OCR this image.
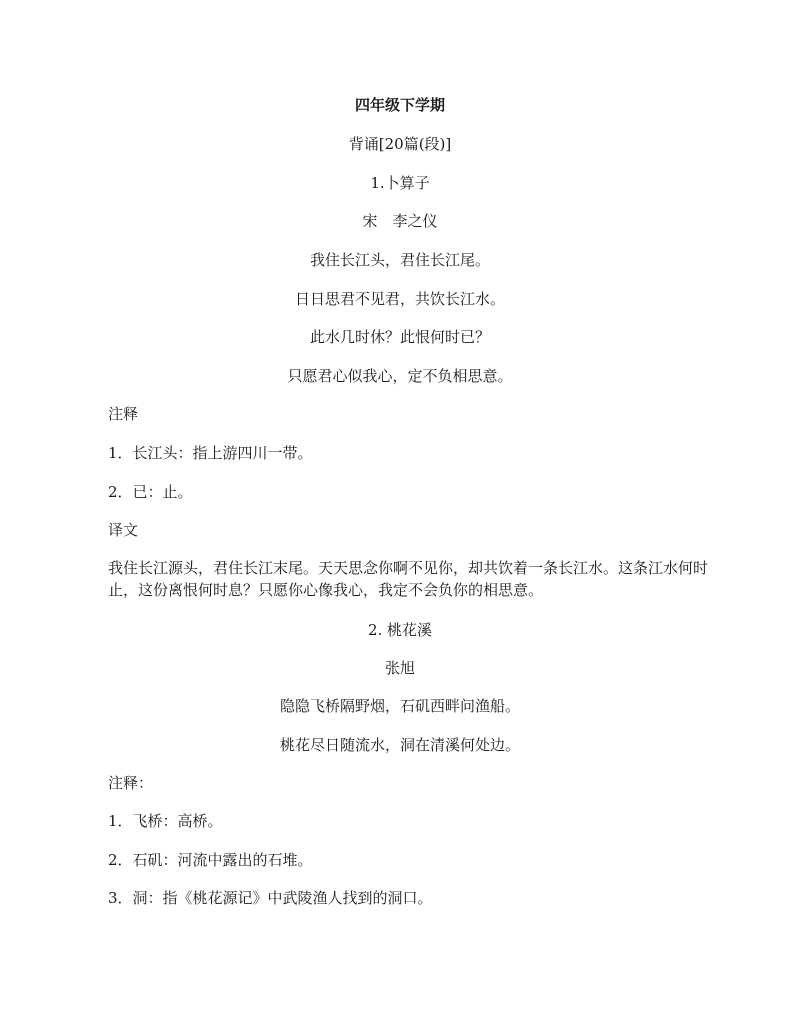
四年级下学期
背诵[20篇(段)]
1.卜算子
宋　李之仪
我住长江头，君住长江尾。
日日思君不见君，共饮长江水。
此水几时休？此恨何时已？
只愿君心似我心，定不负相思意。
注释
1．长江头：指上游四川一带。
2．已：止。
译文
我住长江源头，君住长江末尾。天天思念你啊不见你，却共饮着一条长江水。这条江水何时止，这份离恨何时息？只愿你心像我心，我定不会负你的相思意。
2. 桃花溪
张旭
隐隐飞桥隔野烟，石矶西畔问渔船。
桃花尽日随流水，洞在清溪何处边。
注释：
1．飞桥：高桥。
2．石矶：河流中露出的石堆。
3．洞：指《桃花源记》中武陵渔人找到的洞口。
